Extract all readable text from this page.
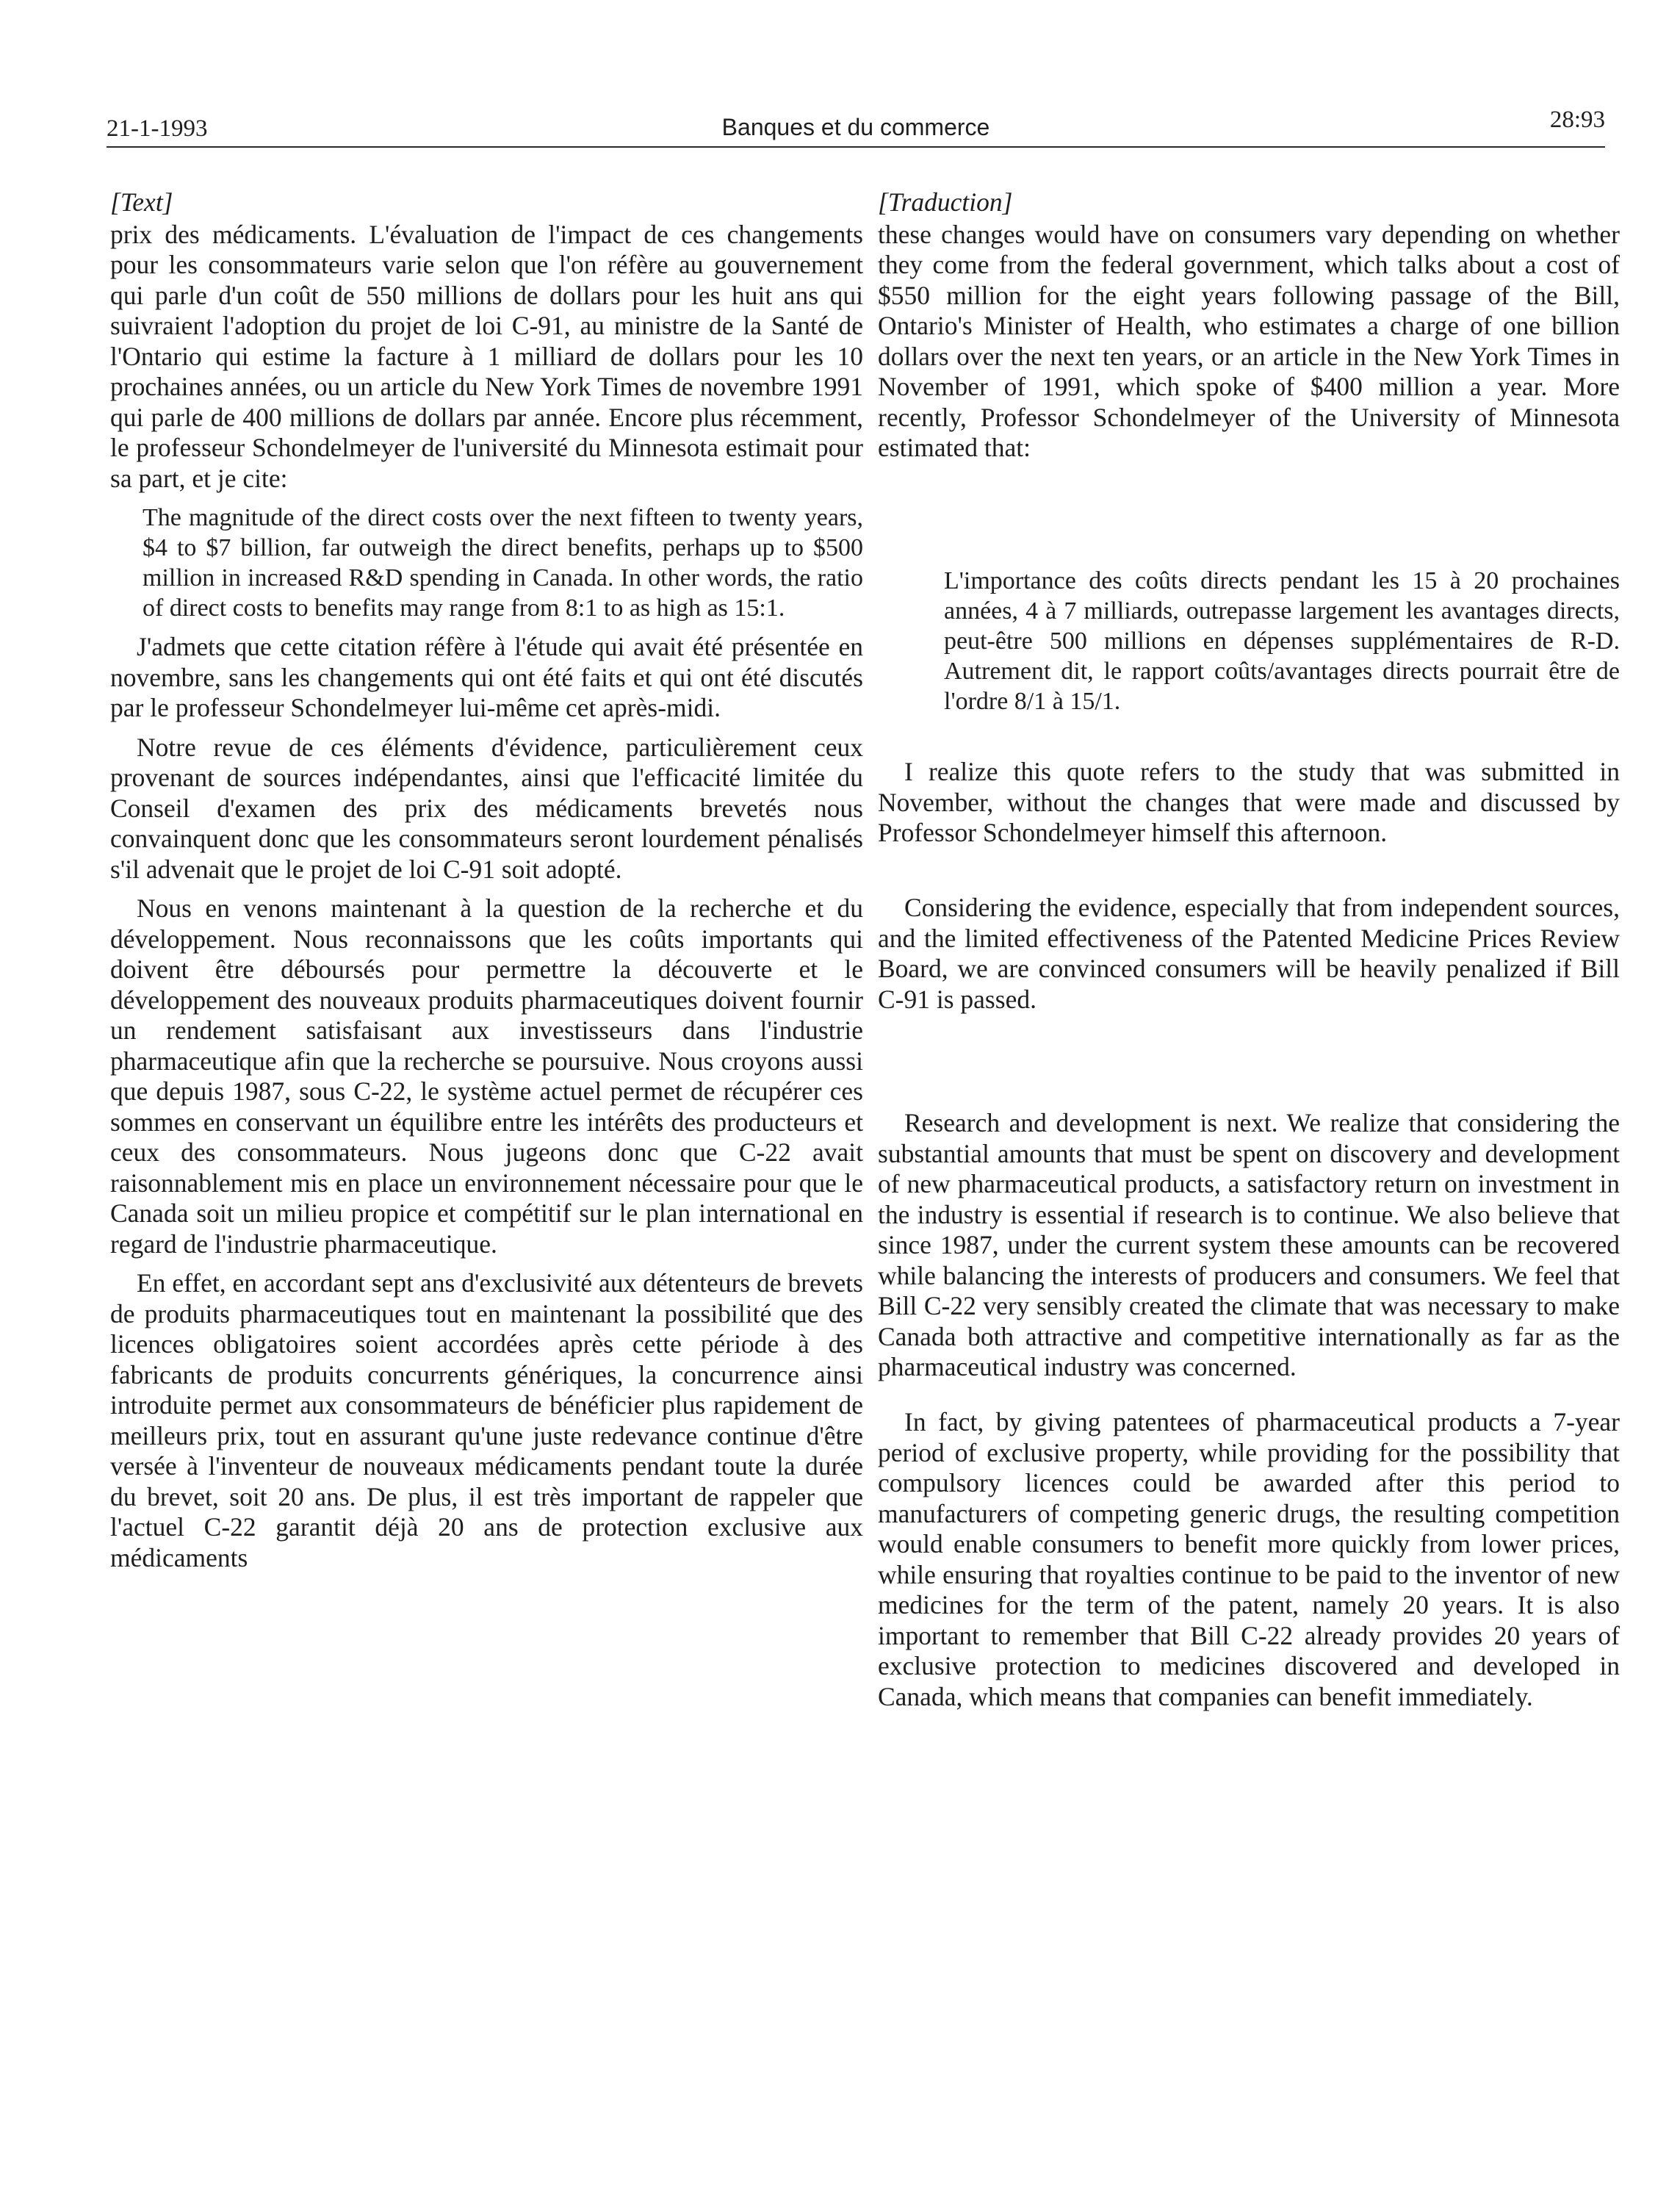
21-1-1993	Banques et du commerce	28:93

[Text]

prix des médicaments. L'évaluation de l'impact de ces changements pour les consommateurs varie selon que l'on réfère au gouvernement qui parle d'un coût de 550 millions de dollars pour les huit ans qui suivraient l'adoption du projet de loi C-91, au ministre de la Santé de l'Ontario qui estime la facture à 1 milliard de dollars pour les 10 prochaines années, ou un article du New York Times de novembre 1991 qui parle de 400 millions de dollars par année. Encore plus récemment, le professeur Schondelmeyer de l'université du Minnesota estimait pour sa part, et je cite:

The magnitude of the direct costs over the next fifteen to twenty years, $4 to $7 billion, far outweigh the direct benefits, perhaps up to $500 million in increased R&D spending in Canada. In other words, the ratio of direct costs to benefits may range from 8:1 to as high as 15:1.

J'admets que cette citation réfère à l'étude qui avait été présentée en novembre, sans les changements qui ont été faits et qui ont été discutés par le professeur Schondelmeyer lui-même cet après-midi.

Notre revue de ces éléments d'évidence, particulièrement ceux provenant de sources indépendantes, ainsi que l'efficacité limitée du Conseil d'examen des prix des médicaments brevetés nous convainquent donc que les consommateurs seront lourdement pénalisés s'il advenait que le projet de loi C-91 soit adopté.

Nous en venons maintenant à la question de la recherche et du développement. Nous reconnaissons que les coûts importants qui doivent être déboursés pour permettre la découverte et le développement des nouveaux produits pharmaceutiques doivent fournir un rendement satisfaisant aux investisseurs dans l'industrie pharmaceutique afin que la recherche se poursuive. Nous croyons aussi que depuis 1987, sous C-22, le système actuel permet de récupérer ces sommes en conservant un équilibre entre les intérêts des producteurs et ceux des consommateurs. Nous jugeons donc que C-22 avait raisonnablement mis en place un environnement nécessaire pour que le Canada soit un milieu propice et compétitif sur le plan international en regard de l'industrie pharmaceutique.

En effet, en accordant sept ans d'exclusivité aux détenteurs de brevets de produits pharmaceutiques tout en maintenant la possibilité que des licences obligatoires soient accordées après cette période à des fabricants de produits concurrents génériques, la concurrence ainsi introduite permet aux consommateurs de bénéficier plus rapidement de meilleurs prix, tout en assurant qu'une juste redevance continue d'être versée à l'inventeur de nouveaux médicaments pendant toute la durée du brevet, soit 20 ans. De plus, il est très important de rappeler que l'actuel C-22 garantit déjà 20 ans de protection exclusive aux médicaments

[Traduction]

these changes would have on consumers vary depending on whether they come from the federal government, which talks about a cost of $550 million for the eight years following passage of the Bill, Ontario's Minister of Health, who estimates a charge of one billion dollars over the next ten years, or an article in the New York Times in November of 1991, which spoke of $400 million a year. More recently, Professor Schondelmeyer of the University of Minnesota estimated that:

L'importance des coûts directs pendant les 15 à 20 prochaines années, 4 à 7 milliards, outrepasse largement les avantages directs, peut-être 500 millions en dépenses supplémentaires de R-D. Autrement dit, le rapport coûts/avantages directs pourrait être de l'ordre 8/1 à 15/1.

I realize this quote refers to the study that was submitted in November, without the changes that were made and discussed by Professor Schondelmeyer himself this afternoon.

Considering the evidence, especially that from independent sources, and the limited effectiveness of the Patented Medicine Prices Review Board, we are convinced consumers will be heavily penalized if Bill C-91 is passed.

Research and development is next. We realize that considering the substantial amounts that must be spent on discovery and development of new pharmaceutical products, a satisfactory return on investment in the industry is essential if research is to continue. We also believe that since 1987, under the current system these amounts can be recovered while balancing the interests of producers and consumers. We feel that Bill C-22 very sensibly created the climate that was necessary to make Canada both attractive and competitive internationally as far as the pharmaceutical industry was concerned.

In fact, by giving patentees of pharmaceutical products a 7-year period of exclusive property, while providing for the possibility that compulsory licences could be awarded after this period to manufacturers of competing generic drugs, the resulting competition would enable consumers to benefit more quickly from lower prices, while ensuring that royalties continue to be paid to the inventor of new medicines for the term of the patent, namely 20 years. It is also important to remember that Bill C-22 already provides 20 years of exclusive protection to medicines discovered and developed in Canada, which means that companies can benefit immediately.
